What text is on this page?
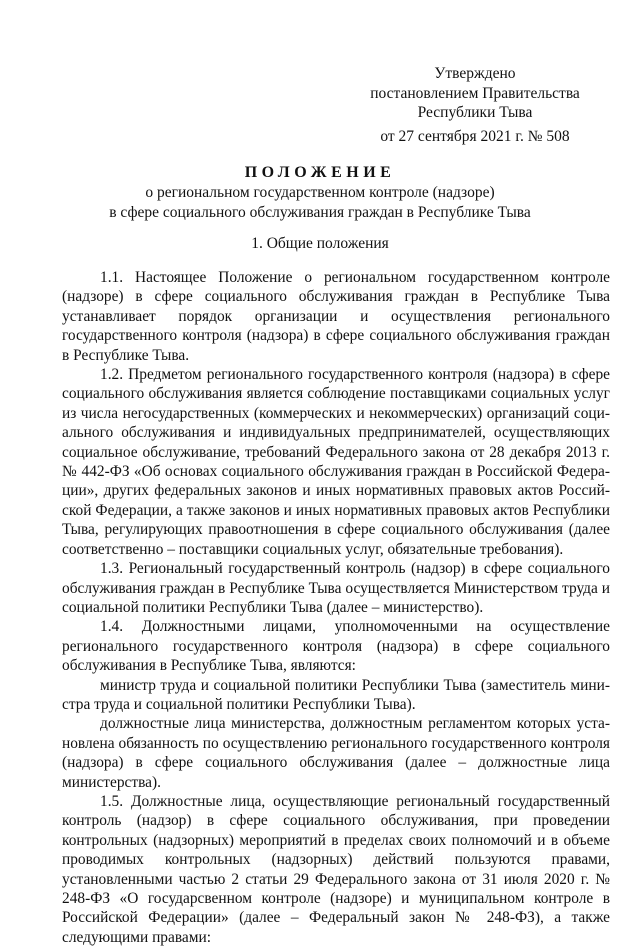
Утверждено
постановлением Правительства
Республики Тыва
от 27 сентября 2021 г. № 508
ПОЛОЖЕНИЕ
о региональном государственном контроле (надзоре)
в сфере социального обслуживания граждан в Республике Тыва
1. Общие положения

1.1. Настоящее Положение о региональном государственном контроле (надзоре) в сфере социального обслуживания граждан в Республике Тыва устанавливает порядок организации и осуществления регионального государственного контроля (надзора) в сфере социального обслуживания граждан в Республике Тыва.

1.2. Предметом регионального государственного контроля (надзора) в сфере социального обслуживания является соблюдение поставщиками социальных услуг из числа негосударственных (коммерческих и некоммерческих) организаций социального обслуживания и индивидуальных предпринимателей, осуществляющих социальное обслуживание, требований Федерального закона от 28 декабря 2013 г. № 442-ФЗ «Об основах социального обслуживания граждан в Российской Федерации», других федеральных законов и иных нормативных правовых актов Российской Федерации, а также законов и иных нормативных правовых актов Республики Тыва, регулирующих правоотношения в сфере социального обслуживания (далее соответственно – поставщики социальных услуг, обязательные требования).

1.3. Региональный государственный контроль (надзор) в сфере социального обслуживания граждан в Республике Тыва осуществляется Министерством труда и социальной политики Республики Тыва (далее – министерство).

1.4. Должностными лицами, уполномоченными на осуществление регионального государственного контроля (надзора) в сфере социального обслуживания в Республике Тыва, являются:

министр труда и социальной политики Республики Тыва (заместитель министра труда и социальной политики Республики Тыва).

должностные лица министерства, должностным регламентом которых установлена обязанность по осуществлению регионального государственного контроля (надзора) в сфере социального обслуживания (далее – должностные лица министерства).

1.5. Должностные лица, осуществляющие региональный государственный контроль (надзор) в сфере социального обслуживания, при проведении контрольных (надзорных) мероприятий в пределах своих полномочий и в объеме проводимых контрольных (надзорных) действий пользуются правами, установленными частью 2 статьи 29 Федерального закона от 31 июля 2020 г. № 248-ФЗ «О государсвенном контроле (надзоре) и муниципальном контроле в Российской Федерации» (далее – Федеральный закон № 248-ФЗ), а также следующими правами:
